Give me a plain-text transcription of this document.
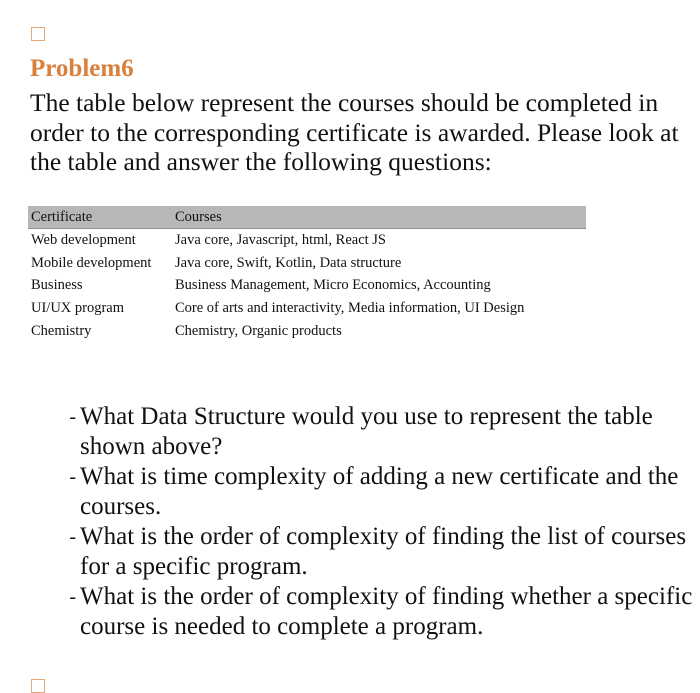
Problem6

The table below represent the courses should be completed in order to the corresponding certificate is awarded. Please look at the table and answer the following questions:

Certificate	Courses
Web development	Java core, Javascript, html, React JS
Mobile development	Java core, Swift, Kotlin, Data structure
Business	Business Management, Micro Economics, Accounting
UI/UX program	Core of arts and interactivity, Media information, UI Design
Chemistry	Chemistry, Organic products
- What Data Structure would you use to represent the table shown above?
- What is time complexity of adding a new certificate and the courses.
- What is the order of complexity of finding the list of courses for a specific program.
- What is the order of complexity of finding whether a specific course is needed to complete a program.
